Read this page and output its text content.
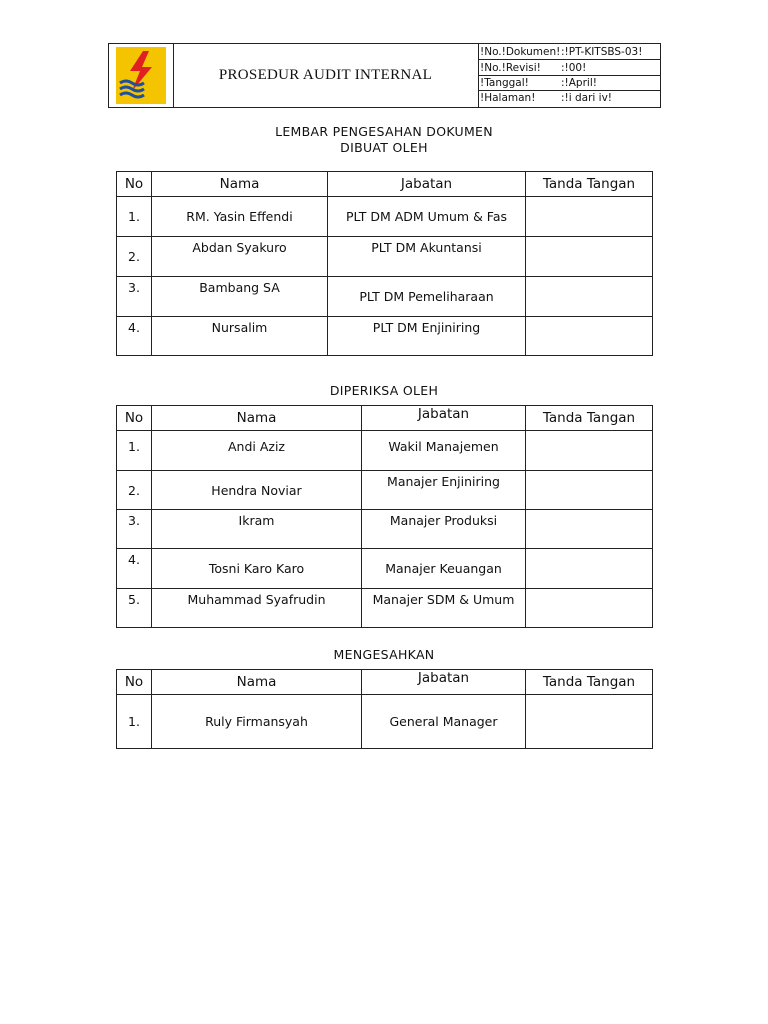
PROSEDUR AUDIT INTERNAL
!No.!Dokumen! :!PT-KITSBS-03!
!No.!Revisi! :!00!
!Tanggal!	:!April!
!Halaman! :!i dari iv!
LEMBAR PENGESAHAN DOKUMEN
DIBUAT OLEH
No	Nama	Jabatan	Tanda Tangan
1.	RM. Yasin Effendi	PLT DM ADM Umum & Fas	
2.	Abdan Syakuro	PLT DM Akuntansi	
3.	Bambang SA	PLT DM Pemeliharaan	
4.	Nursalim	PLT DM Enjiniring	
DIPERIKSA OLEH
No	Nama	Jabatan	Tanda Tangan
1.	Andi Aziz	Wakil Manajemen	
2.	Hendra Noviar	Manajer Enjiniring	
3.	Ikram	Manajer Produksi	
4.	Tosni Karo Karo	Manajer Keuangan	
5.	Muhammad Syafrudin	Manajer SDM & Umum	
MENGESAHKAN
No	Nama	Jabatan	Tanda Tangan
1.	Ruly Firmansyah	General Manager	
